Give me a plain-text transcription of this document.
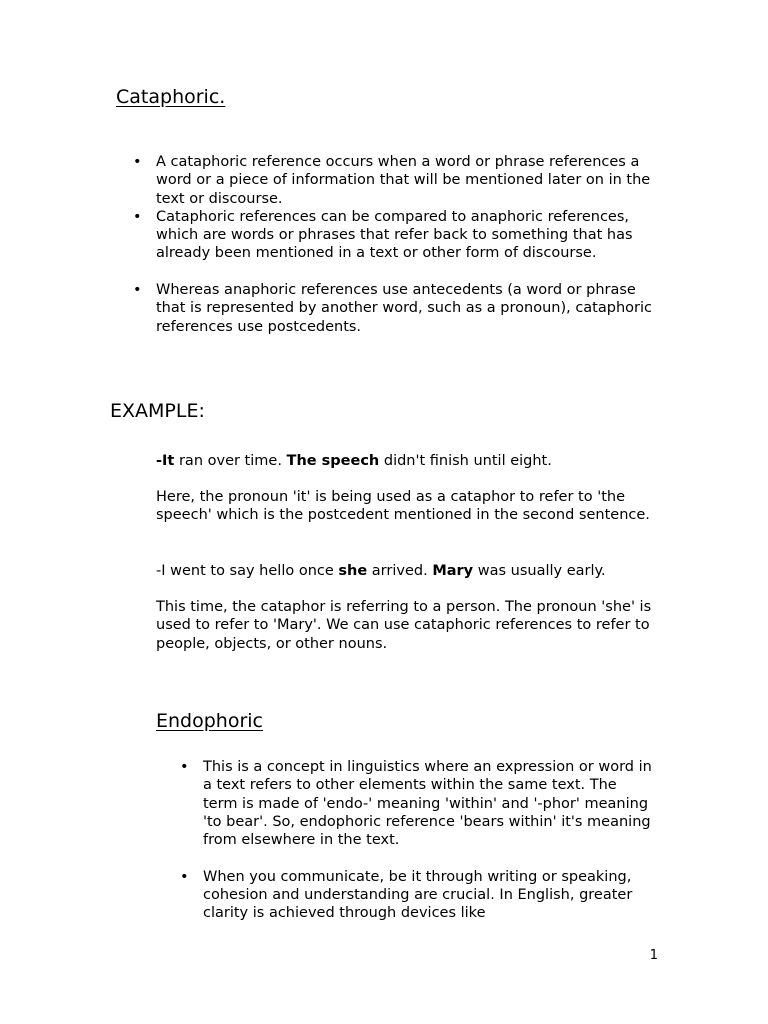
Cataphoric.
• A cataphoric reference occurs when a word or phrase references a word or a piece of information that will be mentioned later on in the text or discourse.
• Cataphoric references can be compared to anaphoric references, which are words or phrases that refer back to something that has already been mentioned in a text or other form of discourse.
• Whereas anaphoric references use antecedents (a word or phrase that is represented by another word, such as a pronoun), cataphoric references use postcedents.
EXAMPLE:

-It ran over time. The speech didn't finish until eight.

Here, the pronoun 'it' is being used as a cataphor to refer to 'the speech' which is the postcedent mentioned in the second sentence.

-I went to say hello once she arrived. Mary was usually early.

This time, the cataphor is referring to a person. The pronoun 'she' is used to refer to 'Mary'. We can use cataphoric references to refer to people, objects, or other nouns.

Endophoric
• This is a concept in linguistics where an expression or word in a text refers to other elements within the same text. The term is made of 'endo-' meaning 'within' and '-phor' meaning 'to bear'. So, endophoric reference 'bears within' it's meaning from elsewhere in the text.
• When you communicate, be it through writing or speaking, cohesion and understanding are crucial. In English, greater clarity is achieved through devices like
1
